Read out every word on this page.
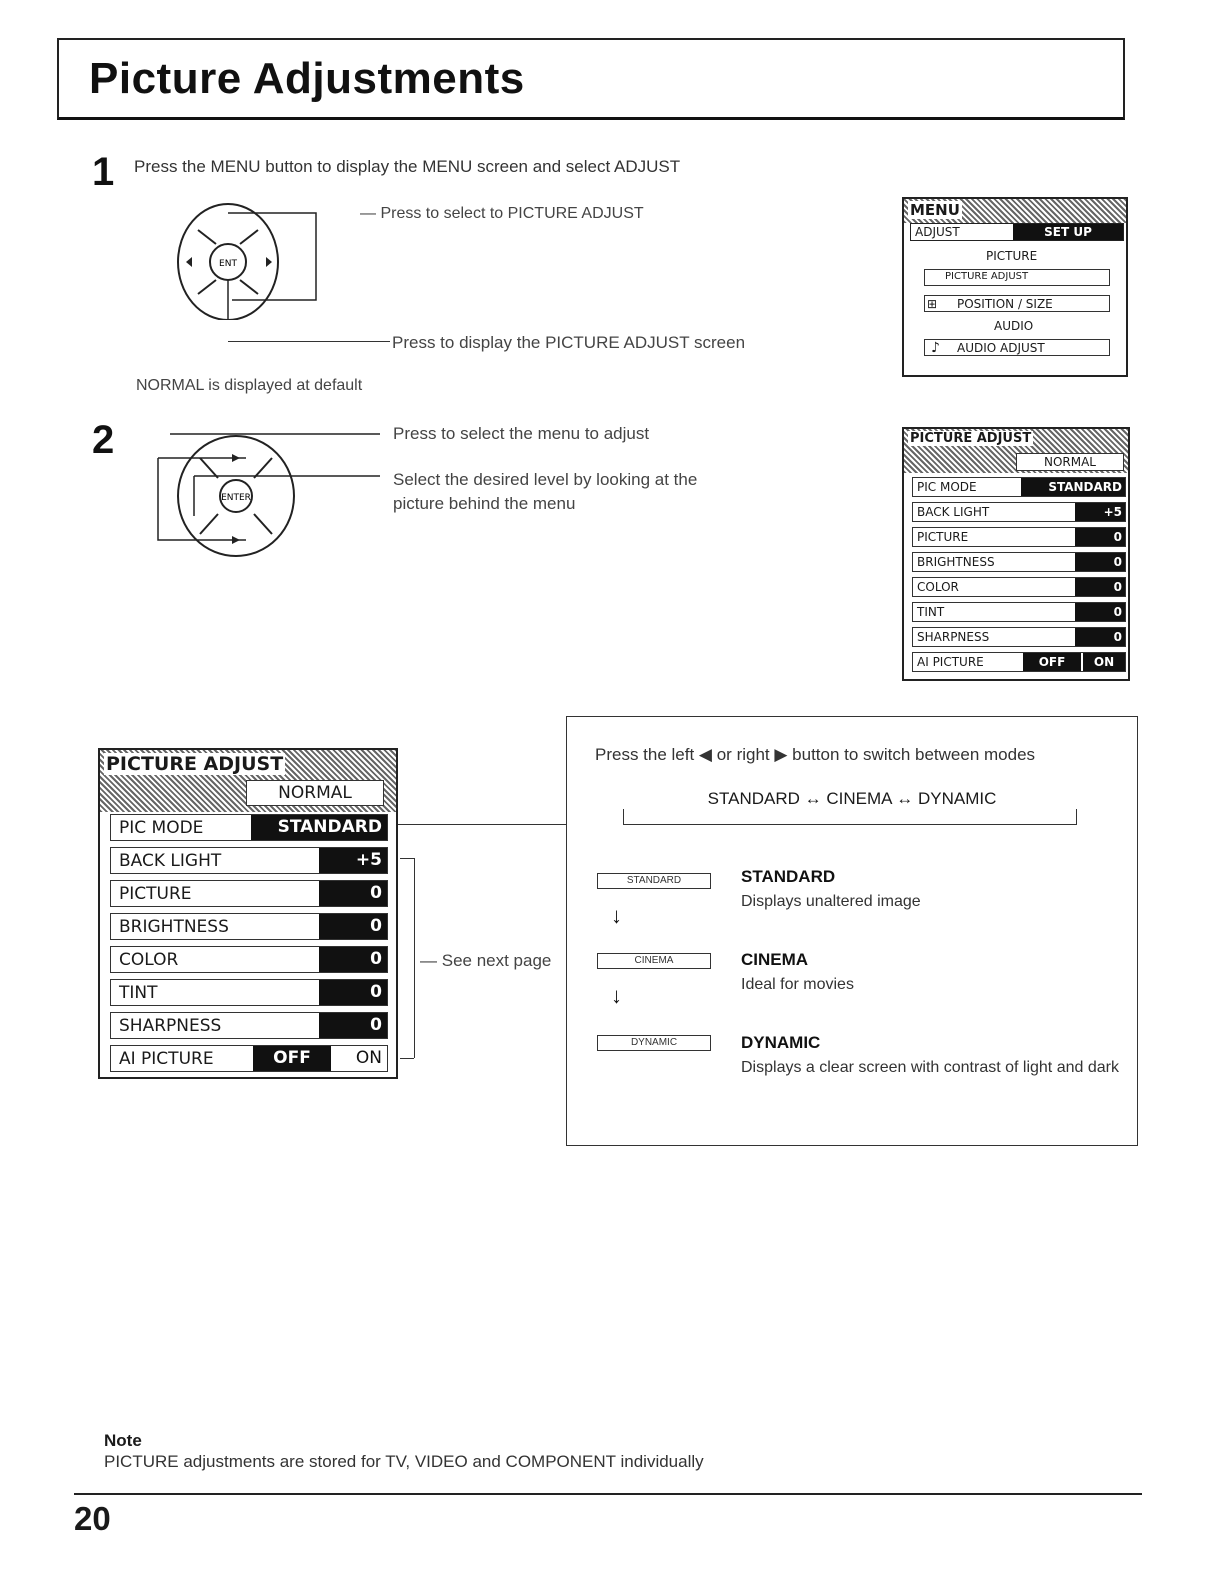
Picture Adjustments
1 Press the MENU button to display the MENU screen and select ADJUST
ENT
— Press to select to PICTURE ADJUST
Press to display the PICTURE ADJUST screen
NORMAL is displayed at default
MENU
ADJUST	SET UP
PICTURE
PICTURE ADJUST
⊞ POSITION / SIZE
AUDIO
♪ AUDIO ADJUST
2
ENTER
Press to select the menu to adjust
Select the desired level by looking at the
picture behind the menu
PICTURE ADJUST
NORMAL
PIC MODE	STANDARD
BACK LIGHT	+5
PICTURE	0
BRIGHTNESS	0
COLOR	0
TINT	0
SHARPNESS	0
AI PICTURE	OFF	ON
PICTURE ADJUST
NORMAL
PIC MODE	STANDARD
BACK LIGHT	+5
PICTURE	0
BRIGHTNESS	0
COLOR	0
TINT	0
SHARPNESS	0
AI PICTURE	OFF	ON
— See next page
Press the left ◀ or right ▶ button to switch between modes
STANDARD ↔ CINEMA ↔ DYNAMIC
STANDARD
↓
STANDARD
Displays unaltered image
CINEMA
↓
CINEMA
Ideal for movies
DYNAMIC	DYNAMIC
Displays a clear screen with contrast of light and dark
Note
PICTURE adjustments are stored for TV, VIDEO and COMPONENT individually
20
